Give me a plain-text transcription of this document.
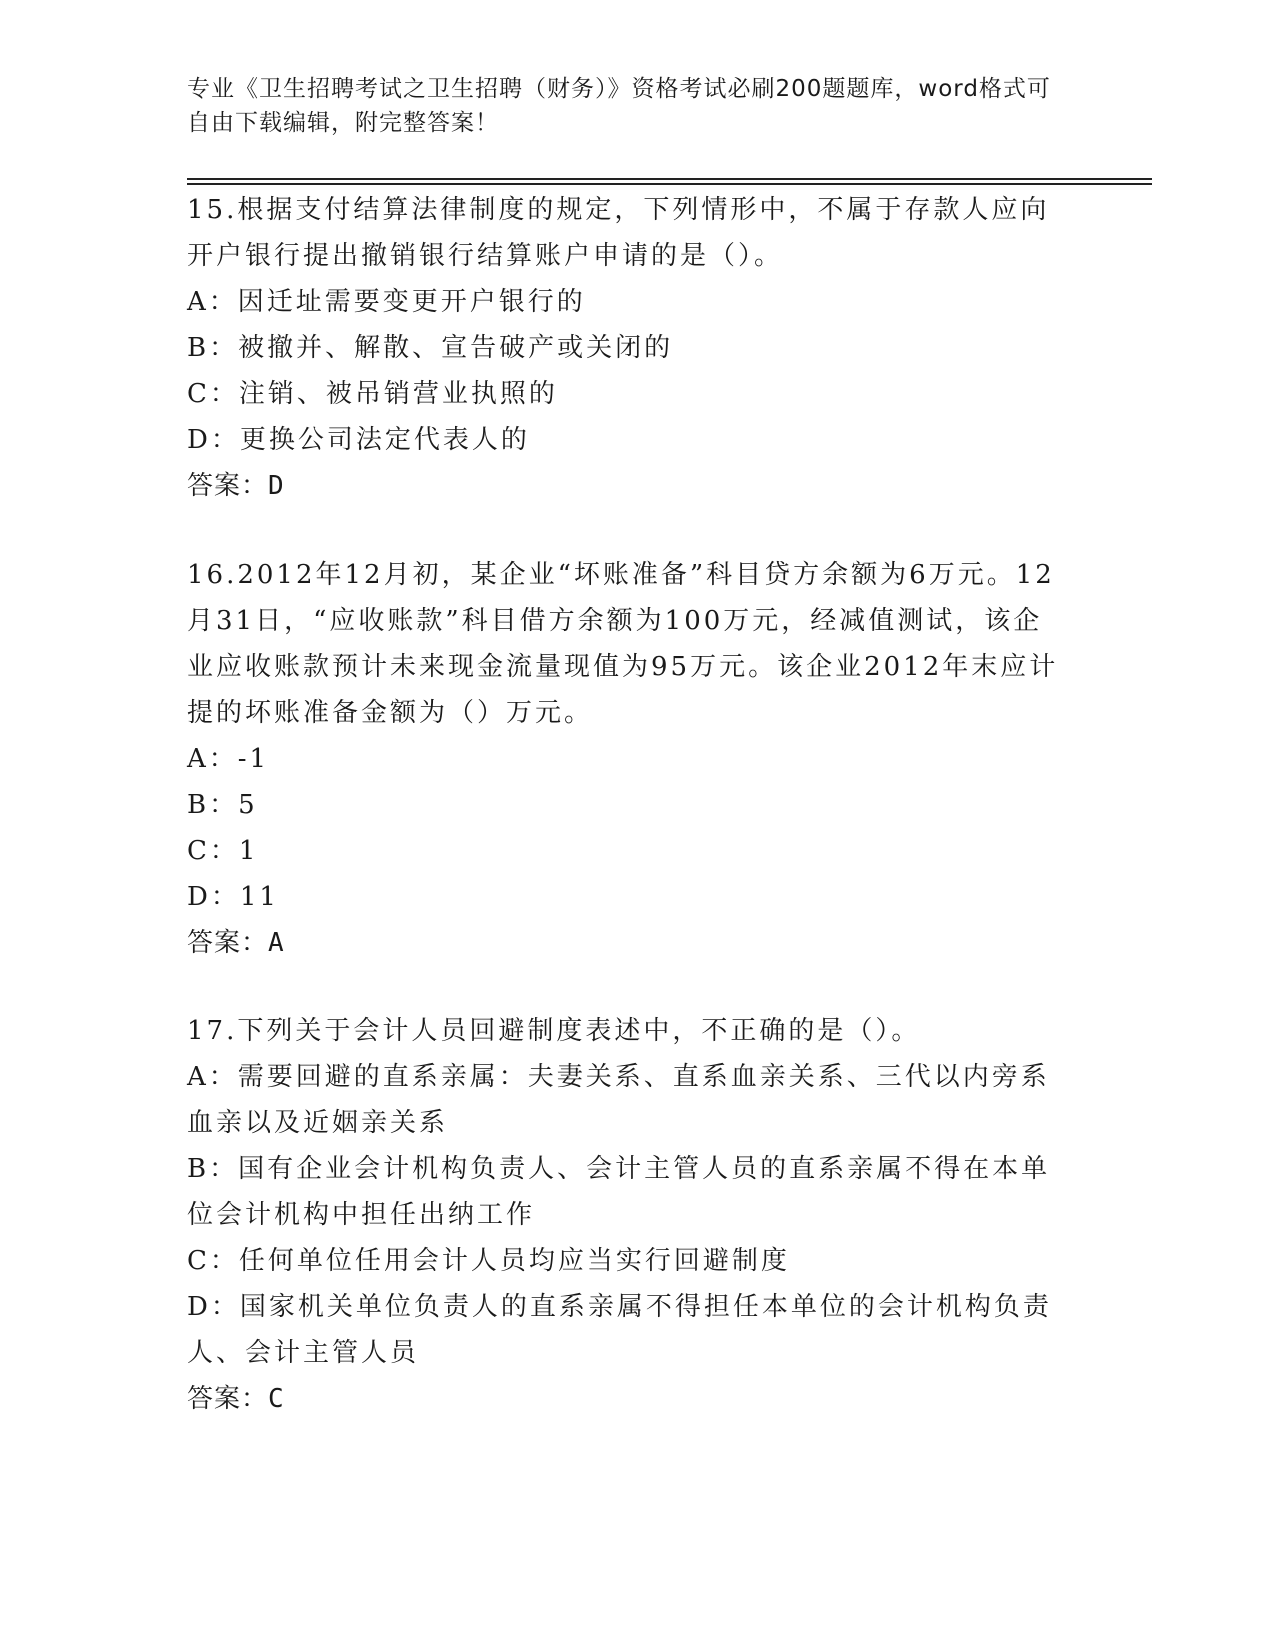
专业《卫生招聘考试之卫生招聘（财务）》资格考试必刷200题题库，word格式可自由下载编辑，附完整答案！

15.根据支付结算法律制度的规定，下列情形中，不属于存款人应向开户银行提出撤销银行结算账户申请的是（）。

A：因迁址需要变更开户银行的

B：被撤并、解散、宣告破产或关闭的

C：注销、被吊销营业执照的

D：更换公司法定代表人的

答案：D

16.2012年12月初，某企业“坏账准备”科目贷方余额为6万元。12月31日，“应收账款”科目借方余额为100万元，经减值测试，该企业应收账款预计未来现金流量现值为95万元。该企业2012年末应计提的坏账准备金额为（）万元。

A：-1

B：5

C：1

D：11

答案：A

17.下列关于会计人员回避制度表述中，不正确的是（）。

A：需要回避的直系亲属：夫妻关系、直系血亲关系、三代以内旁系血亲以及近姻亲关系

B：国有企业会计机构负责人、会计主管人员的直系亲属不得在本单位会计机构中担任出纳工作

C：任何单位任用会计人员均应当实行回避制度

D：国家机关单位负责人的直系亲属不得担任本单位的会计机构负责人、会计主管人员

答案：C
